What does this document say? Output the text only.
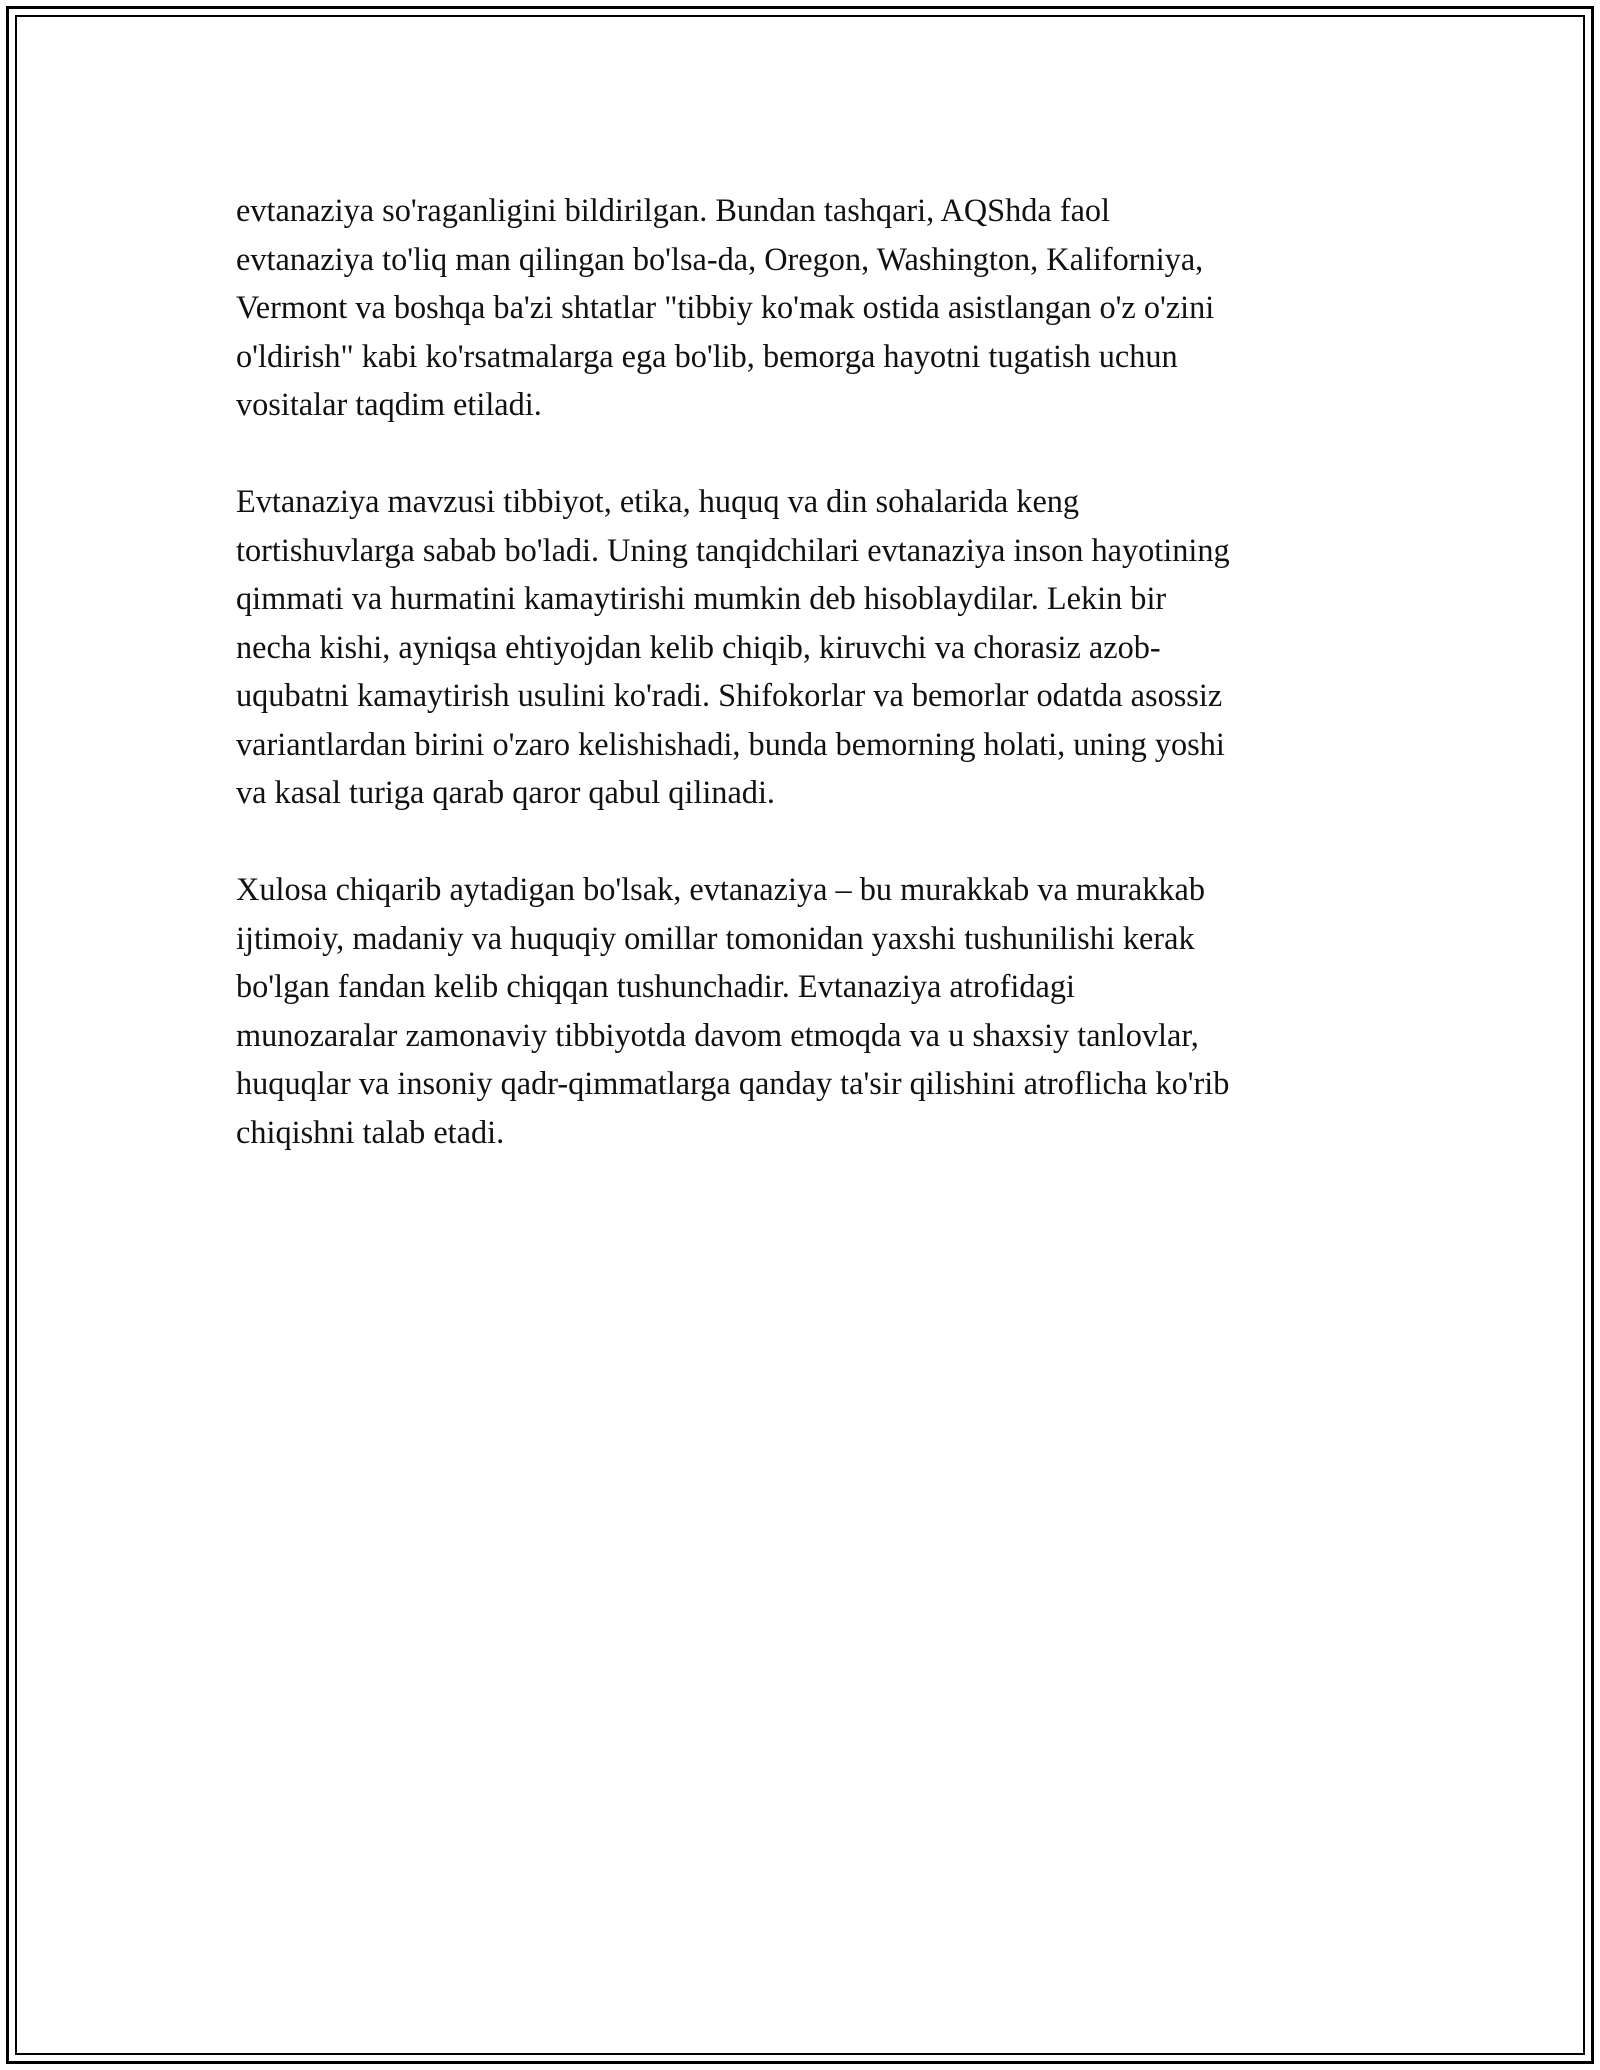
evtanaziya so'raganligini bildirilgan. Bundan tashqari, AQShda faol
evtanaziya to'liq man qilingan bo'lsa-da, Oregon, Washington, Kaliforniya,
Vermont va boshqa ba'zi shtatlar "tibbiy ko'mak ostida asistlangan o'z o'zini
o'ldirish" kabi ko'rsatmalarga ega bo'lib, bemorga hayotni tugatish uchun
vositalar taqdim etiladi.

Evtanaziya mavzusi tibbiyot, etika, huquq va din sohalarida keng
tortishuvlarga sabab bo'ladi. Uning tanqidchilari evtanaziya inson hayotining
qimmati va hurmatini kamaytirishi mumkin deb hisoblaydilar. Lekin bir
necha kishi, ayniqsa ehtiyojdan kelib chiqib, kiruvchi va chorasiz azob-
uqubatni kamaytirish usulini ko'radi. Shifokorlar va bemorlar odatda asossiz
variantlardan birini o'zaro kelishishadi, bunda bemorning holati, uning yoshi
va kasal turiga qarab qaror qabul qilinadi.

Xulosa chiqarib aytadigan bo'lsak, evtanaziya – bu murakkab va murakkab
ijtimoiy, madaniy va huquqiy omillar tomonidan yaxshi tushunilishi kerak
bo'lgan fandan kelib chiqqan tushunchadir. Evtanaziya atrofidagi
munozaralar zamonaviy tibbiyotda davom etmoqda va u shaxsiy tanlovlar,
huquqlar va insoniy qadr-qimmatlarga qanday ta'sir qilishini atroflicha ko'rib
chiqishni talab etadi.
